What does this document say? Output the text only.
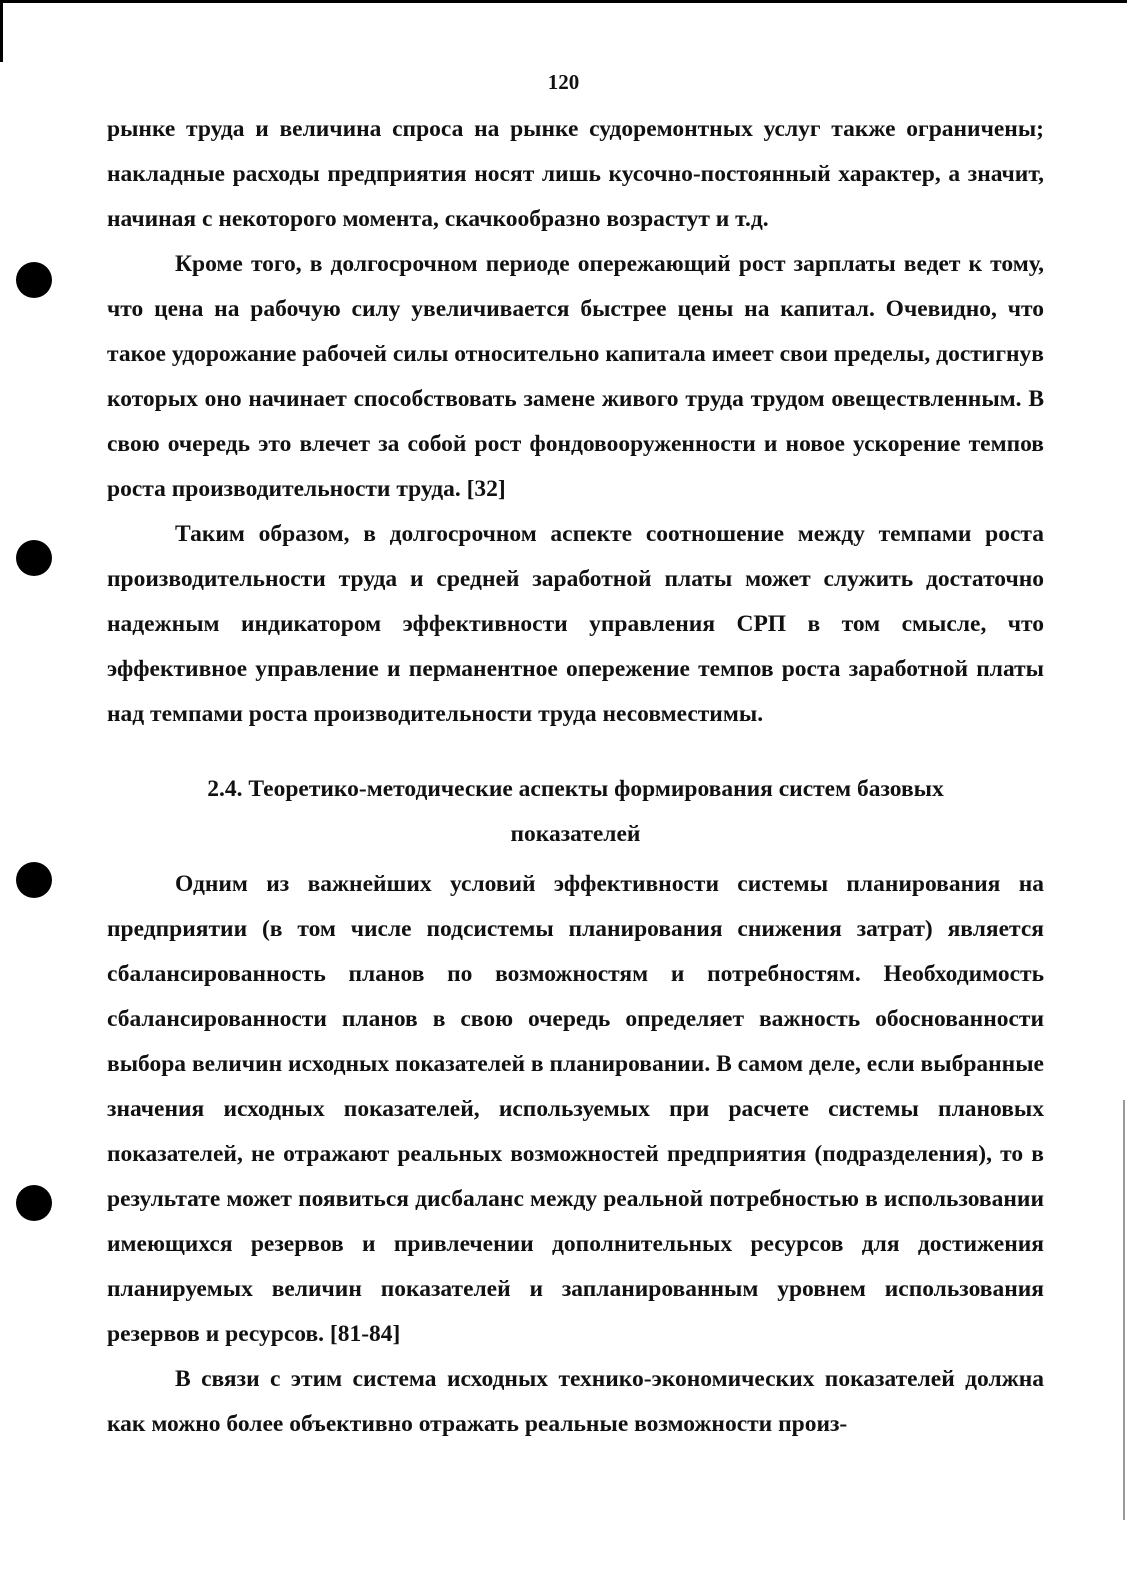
120

рынке труда и величина спроса на рынке судоремонтных услуг также ограничены; накладные расходы предприятия носят лишь кусочно-постоянный характер, а значит, начиная с некоторого момента, скачкообразно возрастут и т.д.

Кроме того, в долгосрочном периоде опережающий рост зарплаты ведет к тому, что цена на рабочую силу увеличивается быстрее цены на капитал. Очевидно, что такое удорожание рабочей силы относительно капитала имеет свои пределы, достигнув которых оно начинает способствовать замене живого труда трудом овеществленным. В свою очередь это влечет за собой рост фондовооруженности и новое ускорение темпов роста производительности труда. [32]

Таким образом, в долгосрочном аспекте соотношение между темпами роста производительности труда и средней заработной платы может служить достаточно надежным индикатором эффективности управления СРП в том смысле, что эффективное управление и перманентное опережение темпов роста заработной платы над темпами роста производительности труда несовместимы.

2.4. Теоретико-методические аспекты формирования систем базовых
показателей

Одним из важнейших условий эффективности системы планирования на предприятии (в том числе подсистемы планирования снижения затрат) является сбалансированность планов по возможностям и потребностям. Необходимость сбалансированности планов в свою очередь определяет важность обоснованности выбора величин исходных показателей в планировании. В самом деле, если выбранные значения исходных показателей, используемых при расчете системы плановых показателей, не отражают реальных возможностей предприятия (подразделения), то в результате может появиться дисбаланс между реальной потребностью в использовании имеющихся резервов и привлечении дополнительных ресурсов для достижения планируемых величин показателей и запланированным уровнем использования резервов и ресурсов. [81-84]

В связи с этим система исходных технико-экономических показателей должна как можно более объективно отражать реальные возможности произ-
